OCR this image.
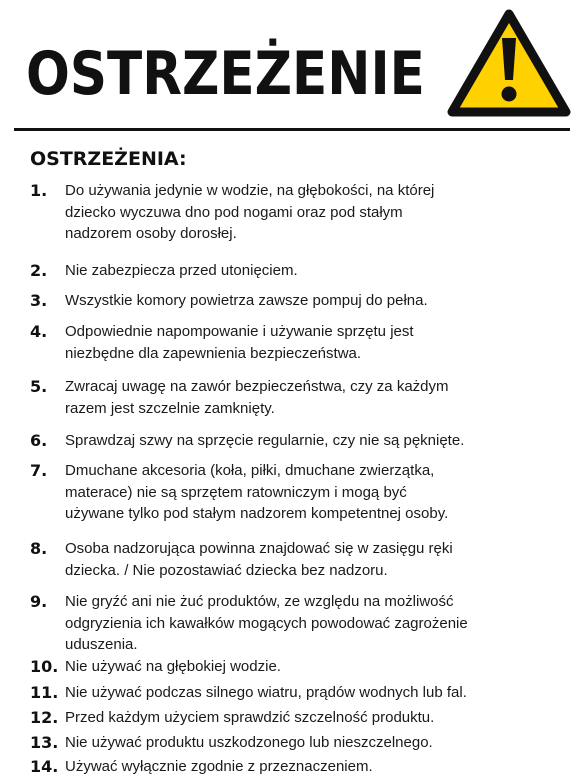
OSTRZEŻENIE
OSTRZEŻENIA:
1. Do używania jedynie w wodzie, na głębokości, na której
dziecko wyczuwa dno pod nogami oraz pod stałym
nadzorem osoby dorosłej.
2. Nie zabezpiecza przed utonięciem.
3. Wszystkie komory powietrza zawsze pompuj do pełna.
4. Odpowiednie napompowanie i używanie sprzętu jest
niezbędne dla zapewnienia bezpieczeństwa.
5. Zwracaj uwagę na zawór bezpieczeństwa, czy za każdym
razem jest szczelnie zamknięty.
6. Sprawdzaj szwy na sprzęcie regularnie, czy nie są pęknięte.
7. Dmuchane akcesoria (koła, piłki, dmuchane zwierzątka,
materace) nie są sprzętem ratowniczym i mogą być
używane tylko pod stałym nadzorem kompetentnej osoby.
8. Osoba nadzorująca powinna znajdować się w zasięgu ręki
dziecka. / Nie pozostawiać dziecka bez nadzoru.
9. Nie gryźć ani nie żuć produktów, ze względu na możliwość
odgryzienia ich kawałków mogących powodować zagrożenie
uduszenia.
10. Nie używać na głębokiej wodzie.
11. Nie używać podczas silnego wiatru, prądów wodnych lub fal.
12. Przed każdym użyciem sprawdzić szczelność produktu.
13. Nie używać produktu uszkodzonego lub nieszczelnego.
14. Używać wyłącznie zgodnie z przeznaczeniem.
